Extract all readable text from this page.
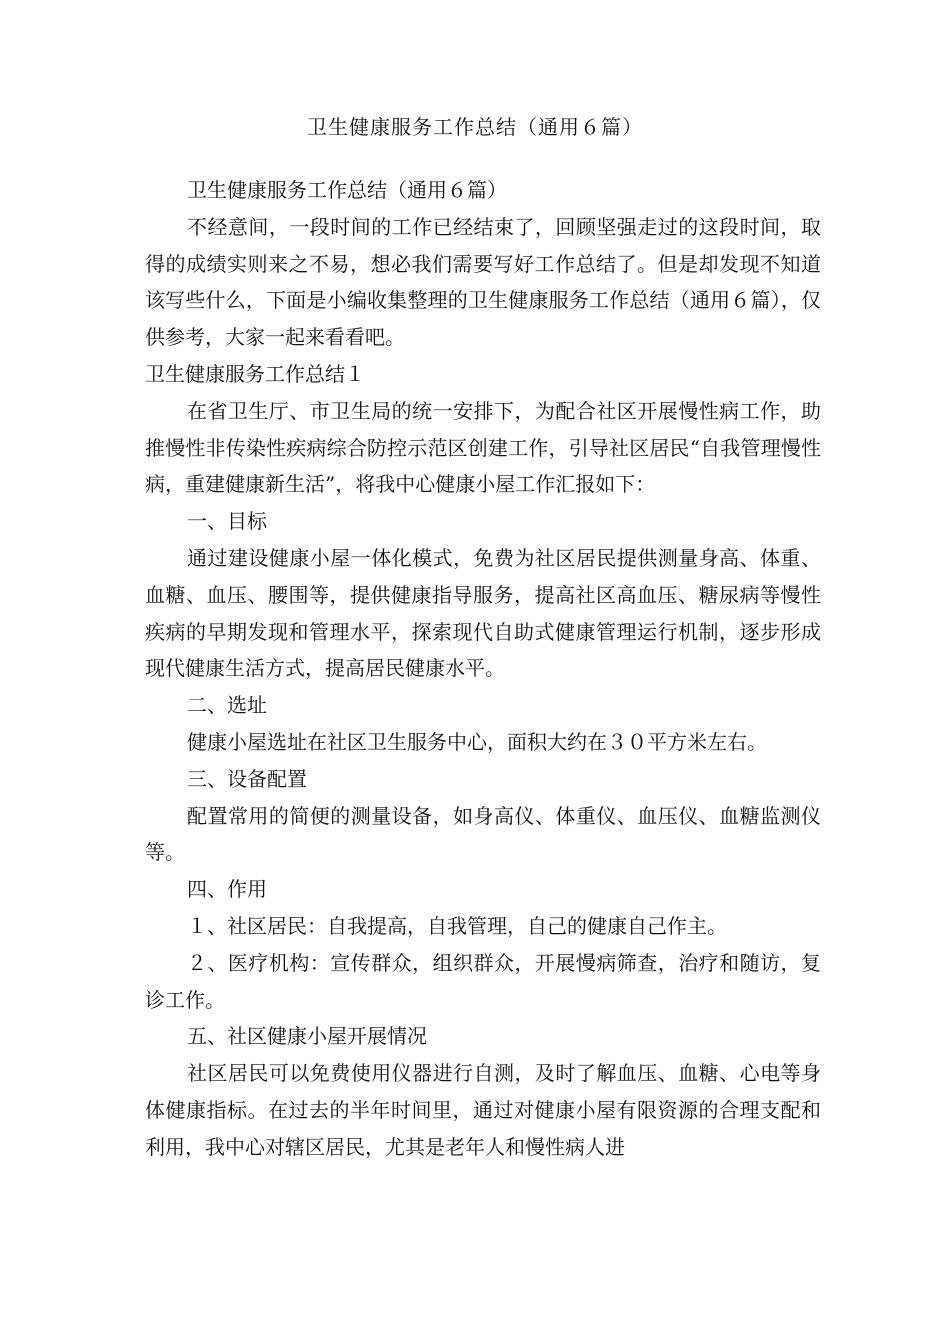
卫生健康服务工作总结（通用６篇）

卫生健康服务工作总结（通用６篇）

不经意间，一段时间的工作已经结束了，回顾坚强走过的这段时间，取得的成绩实则来之不易，想必我们需要写好工作总结了。但是却发现不知道该写些什么，下面是小编收集整理的卫生健康服务工作总结（通用６篇），仅供参考，大家一起来看看吧。

卫生健康服务工作总结１

在省卫生厅、市卫生局的统一安排下，为配合社区开展慢性病工作，助推慢性非传染性疾病综合防控示范区创建工作，引导社区居民“自我管理慢性病，重建健康新生活”，将我中心健康小屋工作汇报如下：

一、目标

通过建设健康小屋一体化模式，免费为社区居民提供测量身高、体重、血糖、血压、腰围等，提供健康指导服务，提高社区高血压、糖尿病等慢性疾病的早期发现和管理水平，探索现代自助式健康管理运行机制，逐步形成现代健康生活方式，提高居民健康水平。

二、选址

健康小屋选址在社区卫生服务中心，面积大约在３０平方米左右。

三、设备配置

配置常用的简便的测量设备，如身高仪、体重仪、血压仪、血糖监测仪等。

四、作用

１、社区居民：自我提高，自我管理，自己的健康自己作主。

２、医疗机构：宣传群众，组织群众，开展慢病筛查，治疗和随访，复诊工作。

五、社区健康小屋开展情况

社区居民可以免费使用仪器进行自测，及时了解血压、血糖、心电等身体健康指标。在过去的半年时间里，通过对健康小屋有限资源的合理支配和利用，我中心对辖区居民，尤其是老年人和慢性病人进
